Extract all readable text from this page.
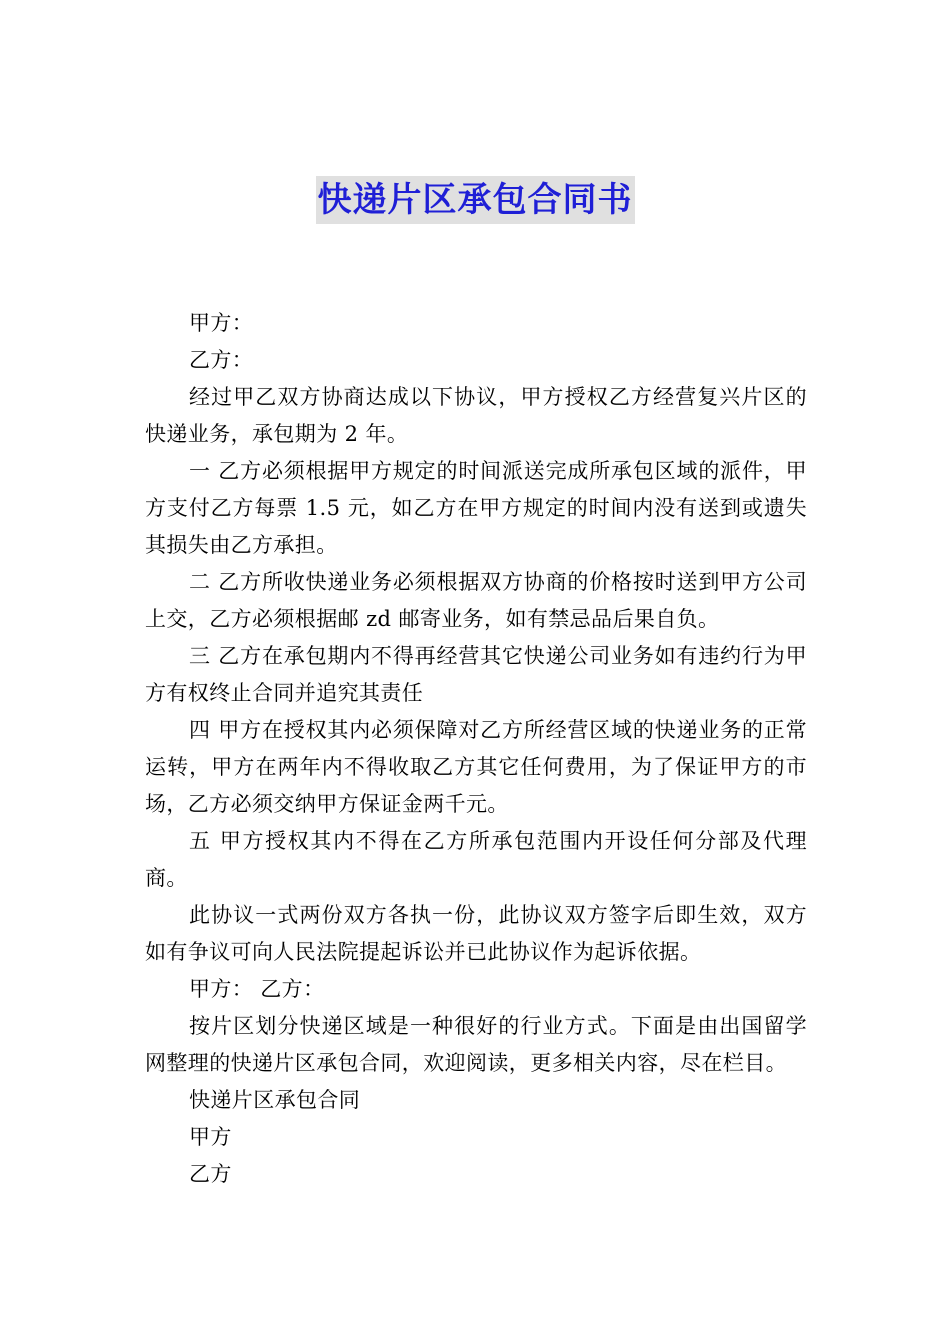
快递片区承包合同书

甲方：

乙方：

经过甲乙双方协商达成以下协议，甲方授权乙方经营复兴片区的快递业务，承包期为 2 年。

一 乙方必须根据甲方规定的时间派送完成所承包区域的派件，甲方支付乙方每票 1.5 元，如乙方在甲方规定的时间内没有送到或遗失其损失由乙方承担。

二 乙方所收快递业务必须根据双方协商的价格按时送到甲方公司上交，乙方必须根据邮 zd 邮寄业务，如有禁忌品后果自负。

三 乙方在承包期内不得再经营其它快递公司业务如有违约行为甲方有权终止合同并追究其责任

四 甲方在授权其内必须保障对乙方所经营区域的快递业务的正常运转，甲方在两年内不得收取乙方其它任何费用，为了保证甲方的市场，乙方必须交纳甲方保证金两千元。

五 甲方授权其内不得在乙方所承包范围内开设任何分部及代理商。

此协议一式两份双方各执一份，此协议双方签字后即生效，双方如有争议可向人民法院提起诉讼并已此协议作为起诉依据。

甲方： 乙方：

按片区划分快递区域是一种很好的行业方式。下面是由出国留学网整理的快递片区承包合同，欢迎阅读，更多相关内容，尽在栏目。

快递片区承包合同

甲方

乙方
